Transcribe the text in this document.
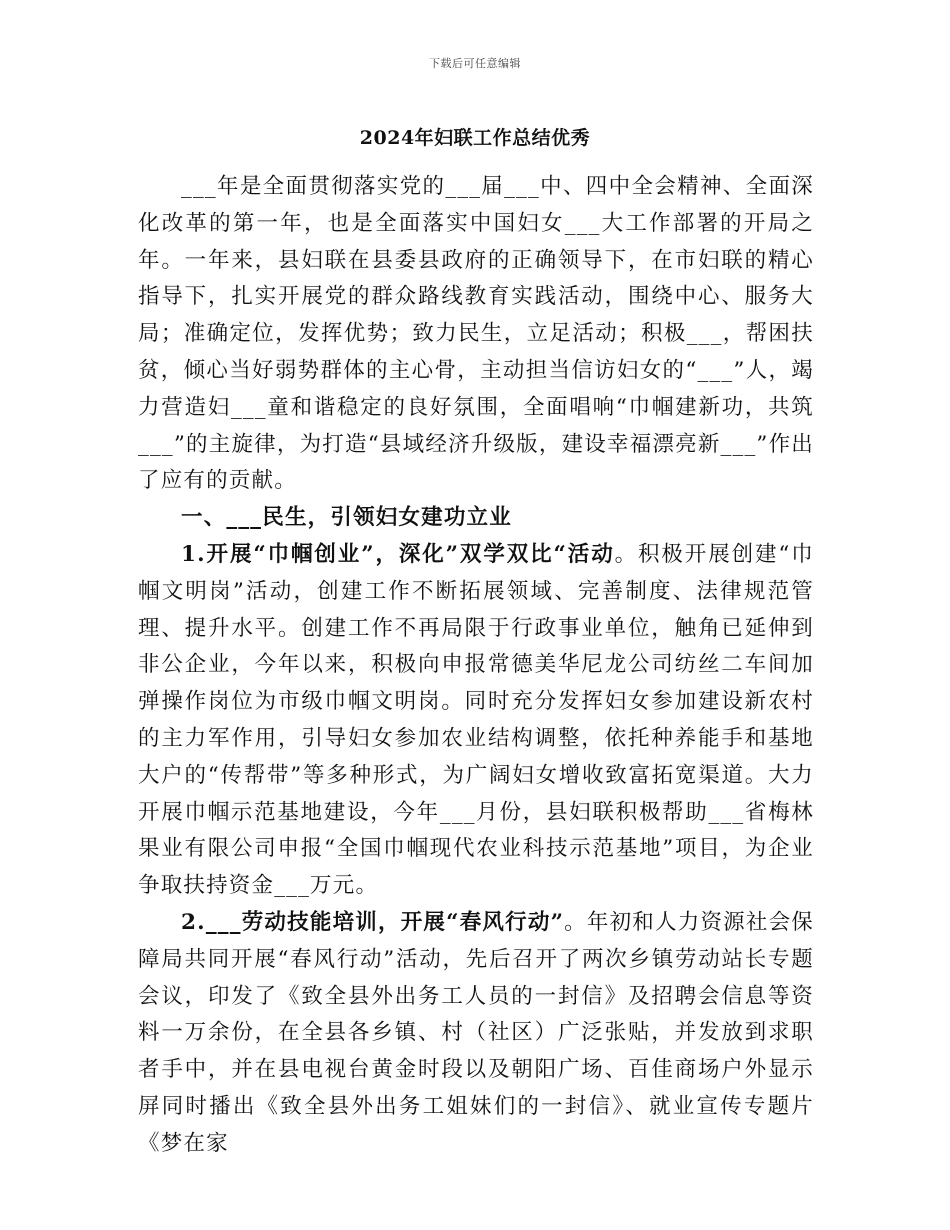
下载后可任意编辑
2024年妇联工作总结优秀

___年是全面贯彻落实党的___届___中、四中全会精神、全面深化改革的第一年，也是全面落实中国妇女___大工作部署的开局之年。一年来，县妇联在县委县政府的正确领导下，在市妇联的精心指导下，扎实开展党的群众路线教育实践活动，围绕中心、服务大局；准确定位，发挥优势；致力民生，立足活动；积极___，帮困扶贫，倾心当好弱势群体的主心骨，主动担当信访妇女的“___”人，竭力营造妇___童和谐稳定的良好氛围，全面唱响“巾帼建新功，共筑___”的主旋律，为打造“县域经济升级版，建设幸福漂亮新___”作出了应有的贡献。

一、___民生，引领妇女建功立业

1.开展“巾帼创业”，深化”双学双比“活动。积极开展创建“巾帼文明岗”活动，创建工作不断拓展领域、完善制度、法律规范管理、提升水平。创建工作不再局限于行政事业单位，触角已延伸到非公企业，今年以来，积极向申报常德美华尼龙公司纺丝二车间加弹操作岗位为市级巾帼文明岗。同时充分发挥妇女参加建设新农村的主力军作用，引导妇女参加农业结构调整，依托种养能手和基地大户的“传帮带”等多种形式，为广阔妇女增收致富拓宽渠道。大力开展巾帼示范基地建设，今年___月份，县妇联积极帮助___省梅林果业有限公司申报“全国巾帼现代农业科技示范基地”项目，为企业争取扶持资金___万元。

2.___劳动技能培训，开展“春风行动”。年初和人力资源社会保障局共同开展“春风行动”活动，先后召开了两次乡镇劳动站长专题会议，印发了《致全县外出务工人员的一封信》及招聘会信息等资料一万余份，在全县各乡镇、村（社区）广泛张贴，并发放到求职者手中，并在县电视台黄金时段以及朝阳广场、百佳商场户外显示屏同时播出《致全县外出务工姐妹们的一封信》、就业宣传专题片《梦在家
